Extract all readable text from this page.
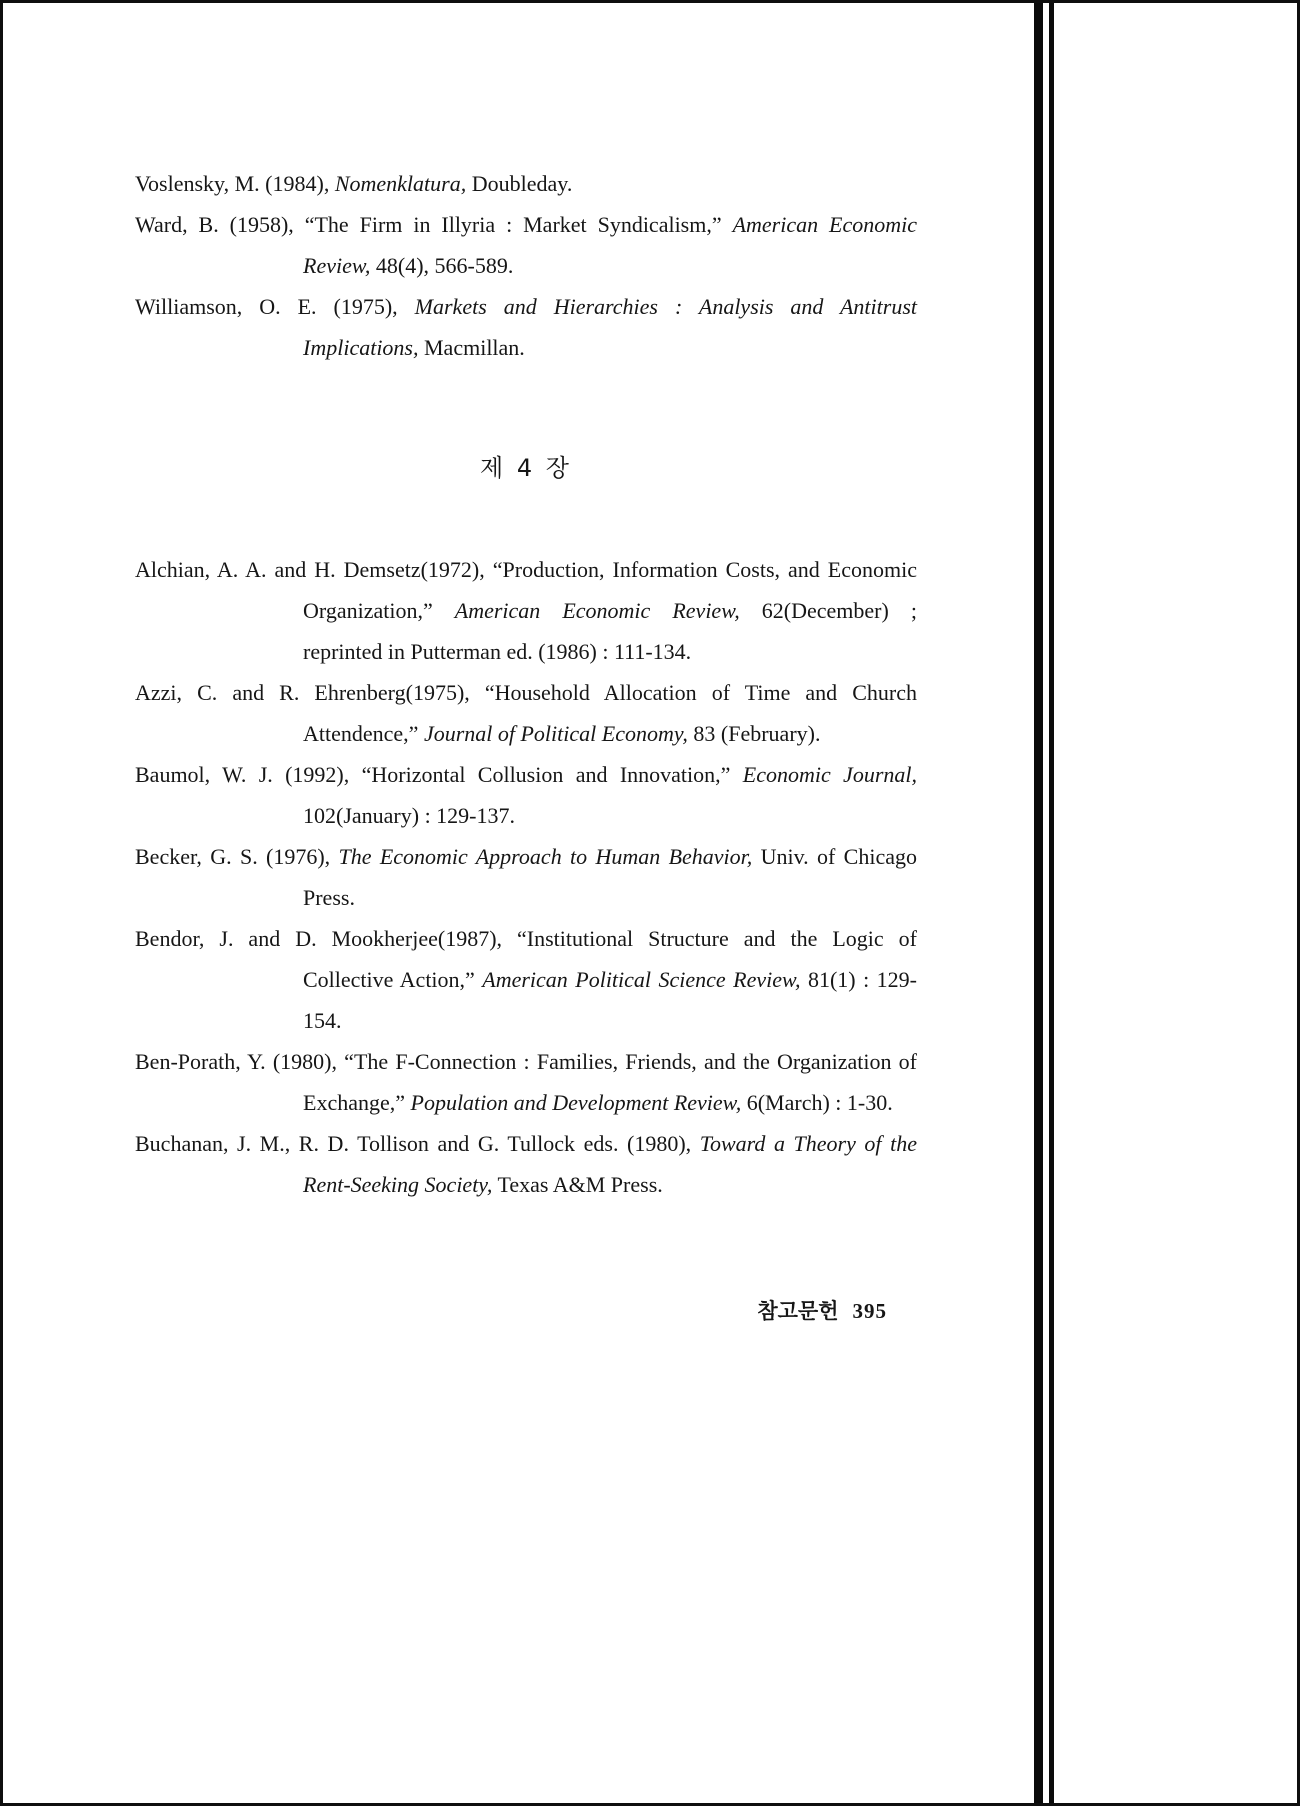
Voslensky, M. (1984), Nomenklatura, Doubleday.

Ward, B. (1958), “The Firm in Illyria : Market Syndicalism,” American Economic Review, 48(4), 566-589.

Williamson, O. E. (1975), Markets and Hierarchies : Analysis and Antitrust Implications, Macmillan.

제 4 장

Alchian, A. A. and H. Demsetz(1972), “Production, Information Costs, and Economic Organization,” American Economic Review, 62(December) ; reprinted in Putterman ed. (1986) : 111-134.

Azzi, C. and R. Ehrenberg(1975), “Household Allocation of Time and Church Attendence,” Journal of Political Economy, 83 (February).

Baumol, W. J. (1992), “Horizontal Collusion and Innovation,” Economic Journal, 102(January) : 129-137.

Becker, G. S. (1976), The Economic Approach to Human Behavior, Univ. of Chicago Press.

Bendor, J. and D. Mookherjee(1987), “Institutional Structure and the Logic of Collective Action,” American Political Science Review, 81(1) : 129-154.

Ben-Porath, Y. (1980), “The F-Connection : Families, Friends, and the Organization of Exchange,” Population and Development Review, 6(March) : 1-30.

Buchanan, J. M., R. D. Tollison and G. Tullock eds. (1980), Toward a Theory of the Rent-Seeking Society, Texas A&M Press.

참고문헌 395
